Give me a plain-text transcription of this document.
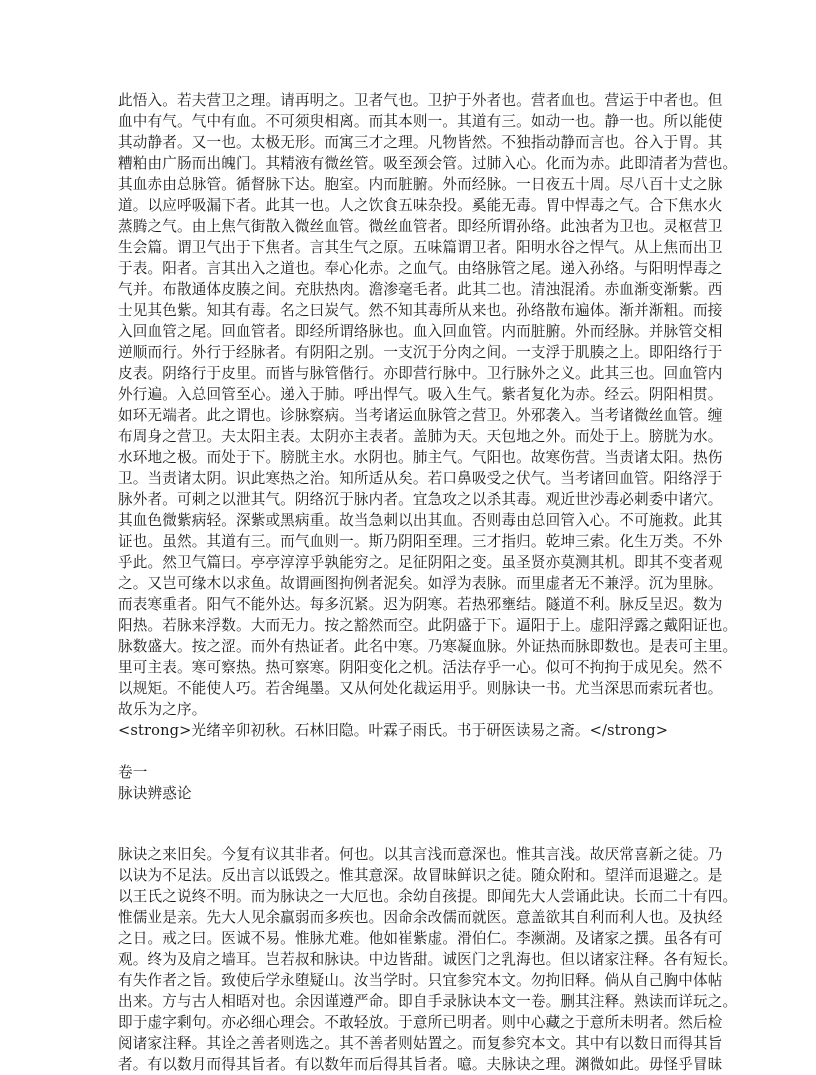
此悟入。若夫营卫之理。请再明之。卫者气也。卫护于外者也。营者血也。营运于中者也。但
血中有气。气中有血。不可须臾相离。而其本则一。其道有三。如动一也。静一也。所以能使
其动静者。又一也。太极无形。而寓三才之理。凡物皆然。不独指动静而言也。谷入于胃。其
糟粕由广肠而出魄门。其精液有微丝管。吸至颈会管。过肺入心。化而为赤。此即清者为营也。
其血赤由总脉管。循督脉下达。胞室。内而脏腑。外而经脉。一日夜五十周。尽八百十丈之脉
道。以应呼吸漏下者。此其一也。人之饮食五味杂投。奚能无毒。胃中悍毒之气。合下焦水火
蒸腾之气。由上焦气街散入微丝血管。微丝血管者。即经所谓孙络。此浊者为卫也。灵枢营卫
生会篇。谓卫气出于下焦者。言其生气之原。五味篇谓卫者。阳明水谷之悍气。从上焦而出卫
于表。阳者。言其出入之道也。奉心化赤。之血气。由络脉管之尾。递入孙络。与阳明悍毒之
气并。布散通体皮腠之间。充肤热肉。澹渗毫毛者。此其二也。清浊混淆。赤血渐变渐紫。西
士见其色紫。知其有毒。名之曰炭气。然不知其毒所从来也。孙络散布遍体。渐并渐粗。而接
入回血管之尾。回血管者。即经所谓络脉也。血入回血管。内而脏腑。外而经脉。并脉管交相
逆顺而行。外行于经脉者。有阴阳之别。一支沉于分肉之间。一支浮于肌腠之上。即阳络行于
皮表。阴络行于皮里。而皆与脉管偕行。亦即营行脉中。卫行脉外之义。此其三也。回血管内
外行遍。入总回管至心。递入于肺。呼出悍气。吸入生气。紫者复化为赤。经云。阴阳相贯。
如环无端者。此之谓也。诊脉察病。当考诸运血脉管之营卫。外邪袭入。当考诸微丝血管。缠
布周身之营卫。夫太阳主表。太阴亦主表者。盖肺为天。天包地之外。而处于上。膀胱为水。
水环地之极。而处于下。膀胱主水。水阴也。肺主气。气阳也。故寒伤营。当责诸太阳。热伤
卫。当责诸太阴。识此寒热之治。知所适从矣。若口鼻吸受之伏气。当考诸回血管。阳络浮于
脉外者。可刺之以泄其气。阴络沉于脉内者。宜急攻之以杀其毒。观近世沙毒必刺委中诸穴。
其血色微紫病轻。深紫或黑病重。故当急刺以出其血。否则毒由总回管入心。不可施救。此其
证也。虽然。其道有三。而气血则一。斯乃阴阳至理。三才指归。乾坤三索。化生万类。不外
乎此。然卫气篇曰。亭亭淳淳乎孰能穷之。足征阴阳之变。虽圣贤亦莫测其机。即其不变者观
之。又岂可缘木以求鱼。故谓画图拘例者泥矣。如浮为表脉。而里虚者无不兼浮。沉为里脉。
而表寒重者。阳气不能外达。每多沉紧。迟为阴寒。若热邪壅结。隧道不利。脉反呈迟。数为
阳热。若脉来浮数。大而无力。按之豁然而空。此阴盛于下。逼阳于上。虚阳浮露之戴阳证也。
脉数盛大。按之涩。而外有热证者。此名中寒。乃寒凝血脉。外证热而脉即数也。是表可主里。
里可主表。寒可察热。热可察寒。阴阳变化之机。活法存乎一心。似可不拘拘于成见矣。然不
以规矩。不能使人巧。若舍绳墨。又从何处化裁运用乎。则脉诀一书。尤当深思而索玩者也。
故乐为之序。
<strong>光绪辛卯初秋。石林旧隐。叶霖子雨氏。书于研医读易之斋。</strong>
卷一
脉诀辨惑论
脉诀之来旧矣。今复有议其非者。何也。以其言浅而意深也。惟其言浅。故厌常喜新之徒。乃
以诀为不足法。反出言以诋毁之。惟其意深。故冒昧鲜识之徒。随众附和。望洋而退避之。是
以王氏之说终不明。而为脉诀之一大厄也。余幼自孩提。即闻先大人尝诵此诀。长而二十有四。
惟儒业是亲。先大人见余羸弱而多疾也。因命余改儒而就医。意盖欲其自利而利人也。及执经
之日。戒之曰。医诚不易。惟脉尤难。他如崔紫虚。滑伯仁。李濒湖。及诸家之撰。虽各有可
观。终为及肩之墙耳。岂若叔和脉诀。中边皆甜。诚医门之乳海也。但以诸家注释。各有短长。
有失作者之旨。致使后学永堕疑山。汝当学时。只宜参究本文。勿拘旧释。倘从自己胸中体帖
出来。方与古人相晤对也。余因谨遵严命。即自手录脉诀本文一卷。删其注释。熟读而详玩之。
即于虚字剩句。亦必细心理会。不敢轻放。于意所已明者。则中心藏之于意所未明者。然后检
阅诸家注释。其诠之善者则选之。其不善者则姑置之。而复参究本文。其中有以数日而得其旨
者。有以数月而得其旨者。有以数年而后得其旨者。噫。夫脉诀之理。渊微如此。毋怪乎冒昧
